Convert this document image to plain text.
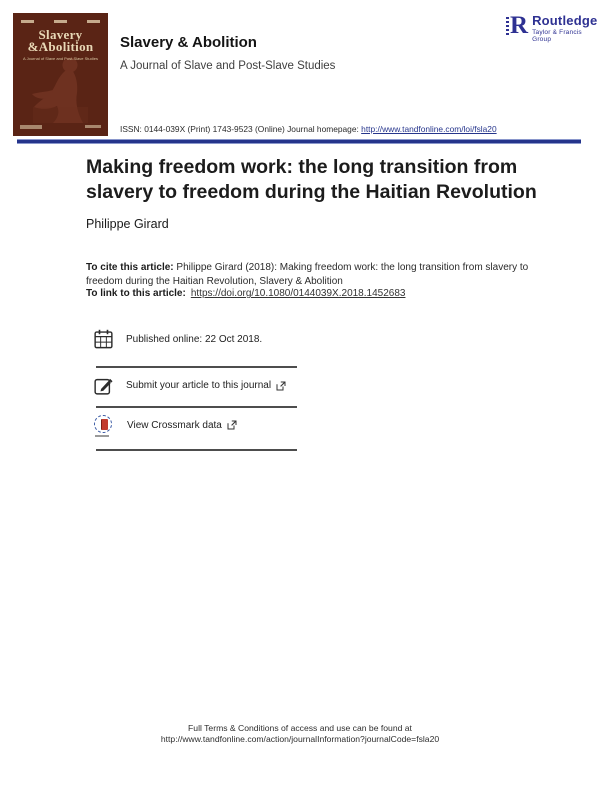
Slavery
&Abolition
A Journal of Slave and Post-Slave Studies
Slavery & Abolition
A Journal of Slave and Post-Slave Studies
ISSN: 0144-039X (Print) 1743-9523 (Online) Journal homepage: http://www.tandfonline.com/loi/fsla20
R Routledge
Taylor & Francis Group
Making freedom work: the long transition from
slavery to freedom during the Haitian Revolution
Philippe Girard

To cite this article: Philippe Girard (2018): Making freedom work: the long transition from slavery to freedom during the Haitian Revolution, Slavery & Abolition

To link to this article: https://doi.org/10.1080/0144039X.2018.1452683
Published online: 22 Oct 2018.
Submit your article to this journal
View Crossmark data
Full Terms & Conditions of access and use can be found at
http://www.tandfonline.com/action/journalInformation?journalCode=fsla20
